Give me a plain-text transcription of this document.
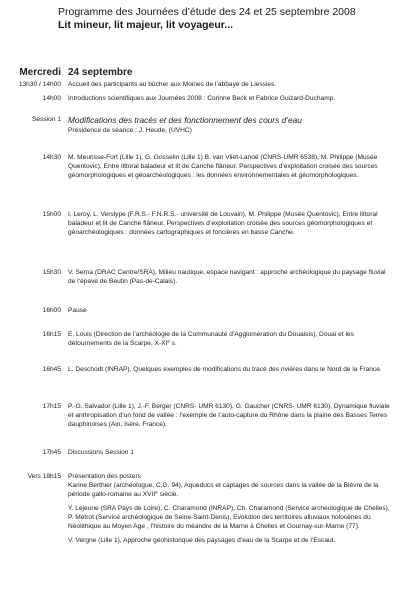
Programme des Journées d’étude des 24 et 25 septembre 2008
Lit mineur, lit majeur, lit voyageur...
Mercredi 24 septembre
13h30 / 14h00 Accueil des participants au bûcher aux Moines de l’abbaye de Liessies.
14h00 Introductions scientifiques aux Journées 2008 : Corinne Beck et Fabrice Guizard-Duchamp.
Session 1 Modifications des tracés et des fonctionnement des cours d’eau
Présidence de séance : J. Heude, (UVHC)
14h30 M. Meurisse-Fort (Lille 1), G. Gosselin (Lille 1) B. van Vliet-Lanoë (CNRS-UMR 6538), M. Philippe (Musée Quentovic), Entre littoral baladeur et lit de Canche flâneur. Perspectives d’exploitation croisée des sources géomorphologiques et géoarchéologiques : les données environnementales et géomorphologiques.
15h00 I. Leroy, L. Verslype (F.R.S.- F.N.R.S.- université de Louvain), M. Philippe (Musée Quentovic), Entre littoral baladeur et lit de Canche flâneur. Perspectives d’exploitation croisée des sources géomorphologiques et géoarchéologiques : données cartographiques et foncières en basse Canche.
15h30 V. Serna (DRAC Centre/SRA), Milieu nautique, espace navigant : approche archéologique du paysage fluvial de l’épave de Beutin (Pas-de-Calais).
16h00 Pause
16h15 E. Louis (Direction de l’archéologie de la Communauté d’Agglomération du Douaisis), Douai et les détournements de la Scarpe, X-XIe s.
16h45 L. Deschodt (INRAP), Quelques exemples de modifications du tracé des rivières dans le Nord de la France.
17h15 P.-G. Salvador (Lille 1), J.-F. Berger (CNRS- UMR 6130), G. Gaucher (CNRS- UMR 6130), Dynamique fluviale et anthropisation d’un fond de vallée : l’exemple de l’auto-capture du Rhône dans la plaine des Basses Terres dauphinoises (Ain, Isère, France).
17h45 Discussions Session 1
Vers 18h15 Présentation des posters
Karine Berthier (archéologue, C.G. 94), Aqueducs et captages de sources dans la vallée de la Bièvre de la période gallo-romaine au XVIIe siècle.
Y. Lejeune (SRA Pays de Loire), C. Charamond (INRAP), Ch. Charamond (Service archéologique de Chelles), P. Métrot (Service archéologique de Seine-Saint-Denis), Evolution des territoires alluviaux holocènes du Néolithique au Moyen Age , l’histoire du méandre de la Marne à Chelles et Gournay-sur-Marne (77).
V. Vergne (Lille 1), Approche géohistorique des paysages d’eau de la Scarpe et de l’Escaut.
